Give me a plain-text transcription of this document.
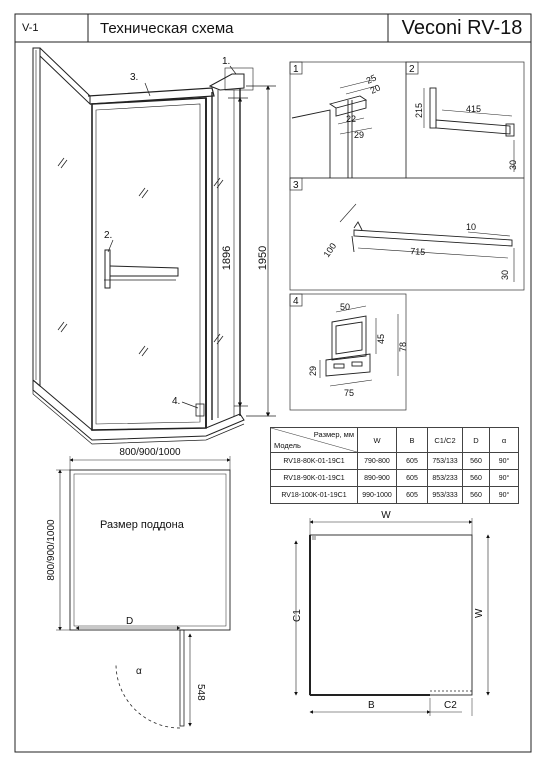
V-1	Техническая схема	Veconi RV-18
3.
1.
2.
4.
1950
1896
1	2
3
4
25
20
22
29
415
215
30
100
10
715
30
50
45
78
29
75
800/900/1000
800/900/1000	Размер поддона
D
α
548
W
W
C1
B	C2
Размер, мм
Модель	W	B	C1/C2	D	α
RV18-80K-01-19C1	790-800	605	753/133	560	90°
RV18-90K-01-19C1	890-900	605	853/233	560	90°
RV18-100K-01-19C1	990-1000	605	953/333	560	90°
